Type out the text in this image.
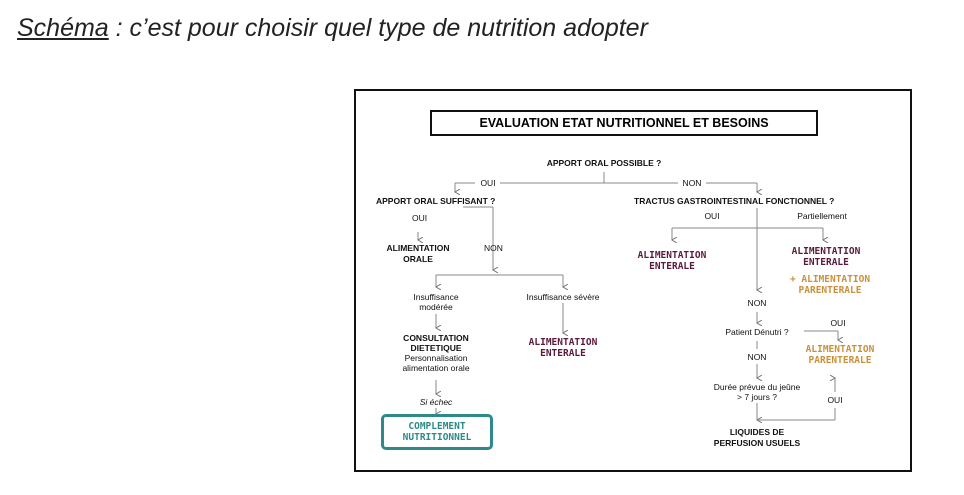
Schéma : c’est pour choisir quel type de nutrition adopter
EVALUATION ETAT NUTRITIONNEL ET BESOINS
APPORT ORAL POSSIBLE ?
OUI	NON
APPORT ORAL SUFFISANT ?
OUI
NON
ALIMENTATION
ORALE
Insuffisance
modérée
Insuffisance sévère
CONSULTATION
DIETETIQUE
Personnalisation
alimentation orale
Si échec
COMPLEMENT
NUTRITIONNEL
ALIMENTATION
ENTERALE
TRACTUS GASTROINTESTINAL FONCTIONNEL ?
OUI	Partiellement
ALIMENTATION
ENTERALE
ALIMENTATION
ENTERALE
+ ALIMENTATION
PARENTERALE
NON
Patient Dénutri ?
OUI
NON
ALIMENTATION
PARENTERALE
Durée prévue du jeûne
> 7 jours ?	OUI
LIQUIDES DE
PERFUSION USUELS
